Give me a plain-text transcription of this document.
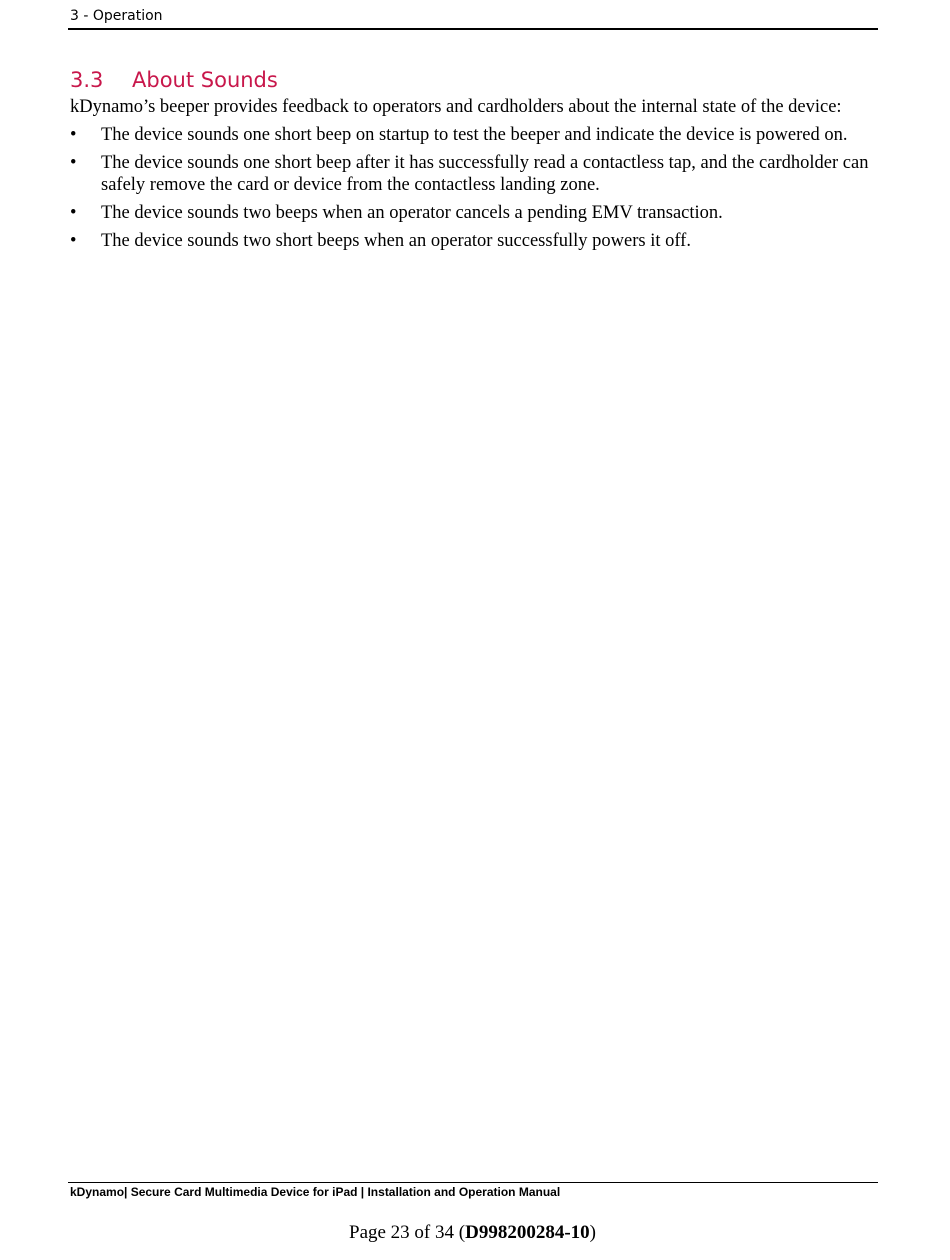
3 - Operation
3.3 About Sounds

kDynamo’s beeper provides feedback to operators and cardholders about the internal state of the device:

• The device sounds one short beep on startup to test the beeper and indicate the device is powered on.
• The device sounds one short beep after it has successfully read a contactless tap, and the cardholder can safely remove the card or device from the contactless landing zone.
• The device sounds two beeps when an operator cancels a pending EMV transaction.
• The device sounds two short beeps when an operator successfully powers it off.
kDynamo| Secure Card Multimedia Device for iPad | Installation and Operation Manual
Page 23 of 34 (D998200284-10)
